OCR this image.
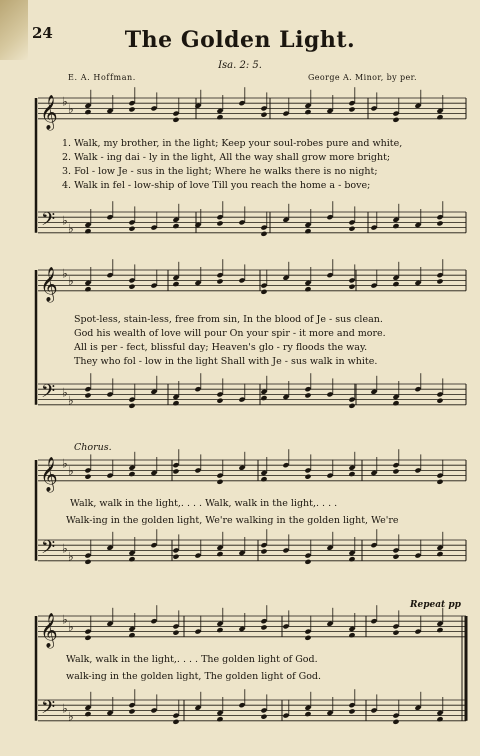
24	The Golden Light.
Isa. 2: 5.
E. A. Hoffman.	George A. Minor, by per.
𝄞
𝄢
♭
♭
♭
♭
𝄞
𝄢
♭
♭
♭
♭
𝄞
𝄢
♭
♭
♭
♭
𝄞
𝄢
♭
♭
♭
♭
1. Walk, my brother, in the light; Keep your soul-robes pure and white,
2. Walk - ing dai - ly in the light, All the way shall grow more bright;
3. Fol - low Je - sus in the light; Where he walks there is no night;
4. Walk in fel - low-ship of love Till you reach the home a - bove;
Spot-less, stain-less, free from sin, In the blood of Je - sus clean.
God his wealth of love will pour On your spir - it more and more.
All is per - fect, blissful day; Heaven's glo - ry floods the way.
They who fol - low in the light Shall with Je - sus walk in white.
Chorus.
Walk, walk in the light,. . . . Walk, walk in the light,. . . .
Walk-ing in the golden light, We're walking in the golden light, We're
Walk, walk in the light,. . . . The golden light of God.
walk-ing in the golden light, The golden light of God.
Repeat pp
